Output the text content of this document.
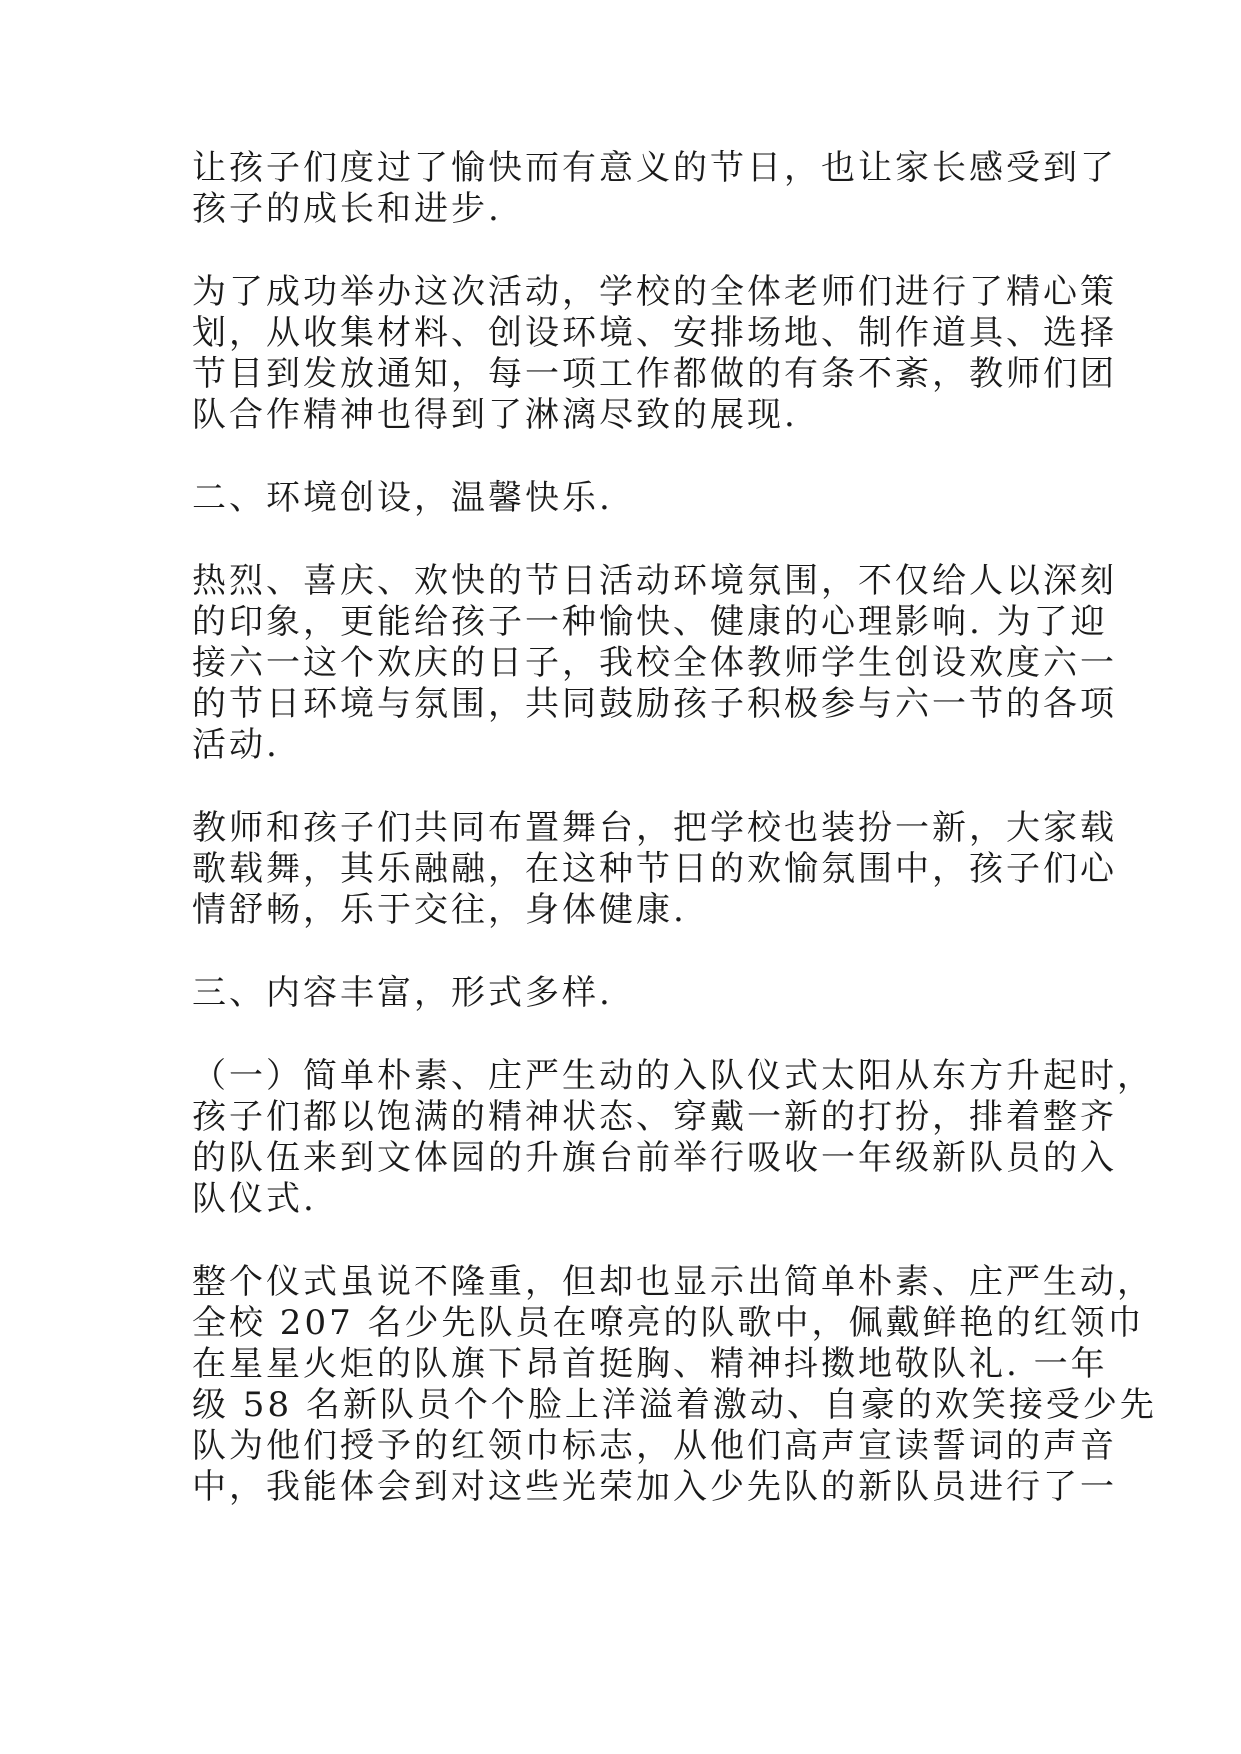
让孩子们度过了愉快而有意义的节日，也让家长感受到了
孩子的成长和进步.

为了成功举办这次活动，学校的全体老师们进行了精心策
划，从收集材料、创设环境、安排场地、制作道具、选择
节目到发放通知，每一项工作都做的有条不紊，教师们团
队合作精神也得到了淋漓尽致的展现.

二、环境创设，温馨快乐.

热烈、喜庆、欢快的节日活动环境氛围，不仅给人以深刻
的印象，更能给孩子一种愉快、健康的心理影响. 为了迎
接六一这个欢庆的日子，我校全体教师学生创设欢度六一
的节日环境与氛围，共同鼓励孩子积极参与六一节的各项
活动.

教师和孩子们共同布置舞台，把学校也装扮一新，大家载
歌载舞，其乐融融，在这种节日的欢愉氛围中，孩子们心
情舒畅，乐于交往，身体健康.

三、内容丰富，形式多样.

（一）简单朴素、庄严生动的入队仪式太阳从东方升起时，
孩子们都以饱满的精神状态、穿戴一新的打扮，排着整齐
的队伍来到文体园的升旗台前举行吸收一年级新队员的入
队仪式.

整个仪式虽说不隆重，但却也显示出简单朴素、庄严生动，
全校 207 名少先队员在嘹亮的队歌中，佩戴鲜艳的红领巾
在星星火炬的队旗下昂首挺胸、精神抖擞地敬队礼. 一年
级 58 名新队员个个脸上洋溢着激动、自豪的欢笑接受少先
队为他们授予的红领巾标志，从他们高声宣读誓词的声音
中，我能体会到对这些光荣加入少先队的新队员进行了一
